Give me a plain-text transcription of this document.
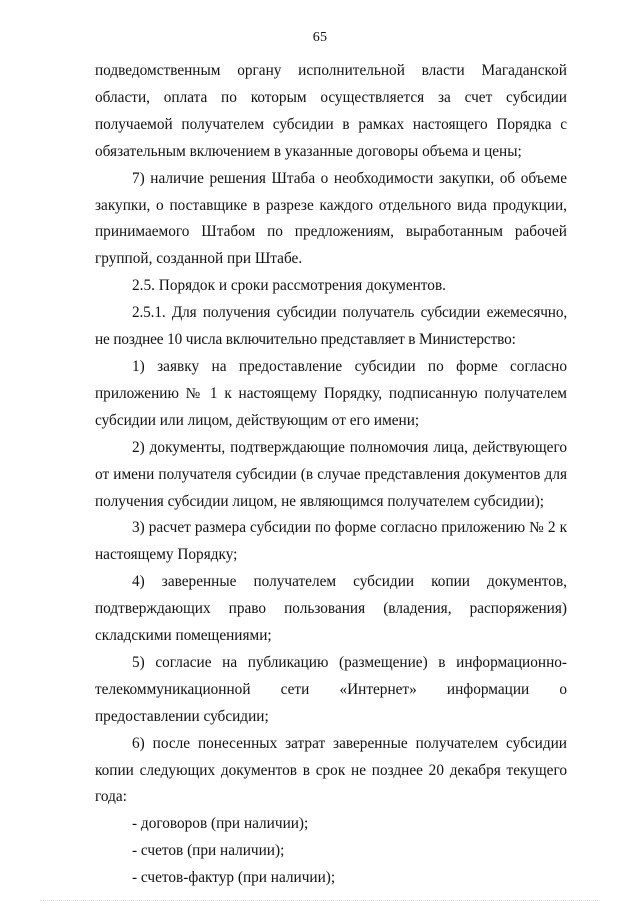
65

подведомственным органу исполнительной власти Магаданской области, оплата по которым осуществляется за счет субсидии получаемой получателем субсидии в рамках настоящего Порядка с обязательным включением в указанные договоры объема и цены;

7) наличие решения Штаба о необходимости закупки, об объеме закупки, о поставщике в разрезе каждого отдельного вида продукции, принимаемого Штабом по предложениям, выработанным рабочей группой, созданной при Штабе.

2.5. Порядок и сроки рассмотрения документов.

2.5.1. Для получения субсидии получатель субсидии ежемесячно, не позднее 10 числа включительно представляет в Министерство:

1) заявку на предоставление субсидии по форме согласно приложению № 1 к настоящему Порядку, подписанную получателем субсидии или лицом, действующим от его имени;

2) документы, подтверждающие полномочия лица, действующего от имени получателя субсидии (в случае представления документов для получения субсидии лицом, не являющимся получателем субсидии);

3) расчет размера субсидии по форме согласно приложению № 2 к настоящему Порядку;

4) заверенные получателем субсидии копии документов, подтверждающих право пользования (владения, распоряжения) складскими помещениями;

5) согласие на публикацию (размещение) в информационно-телекоммуникационной сети «Интернет» информации о предоставлении субсидии;

6) после понесенных затрат заверенные получателем субсидии копии следующих документов в срок не позднее 20 декабря текущего года:

- договоров (при наличии);

- счетов (при наличии);

- счетов-фактур (при наличии);
